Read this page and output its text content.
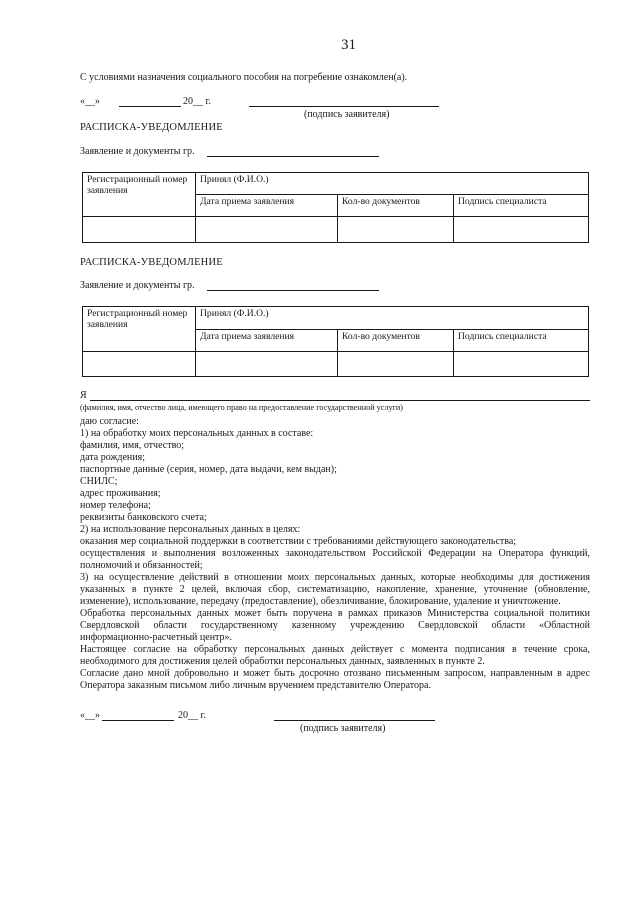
31
С условиями назначения социального пособия на погребение ознакомлен(а).
«__»	20__ г.
(подпись заявителя)
РАСПИСКА-УВЕДОМЛЕНИЕ
Заявление и документы гр.
Регистрационный номер заявления	Принял (Ф.И.О.)		
	Дата приема заявления	Кол-во документов	Подпись специалиста

РАСПИСКА-УВЕДОМЛЕНИЕ
Заявление и документы гр.
Регистрационный номер заявления	Принял (Ф.И.О.)		
	Дата приема заявления	Кол-во документов	Подпись специалиста

Я
(фамилия, имя, отчество лица, имеющего право на предоставление государственной услуги)
даю согласие:
1) на обработку моих персональных данных в составе:
фамилия, имя, отчество;
дата рождения;
паспортные данные (серия, номер, дата выдачи, кем выдан);
СНИЛС;
адрес проживания;
номер телефона;
реквизиты банковского счета;
2) на использование персональных данных в целях:
оказания мер социальной поддержки в соответствии с требованиями действующего законодательства;
осуществления и выполнения возложенных законодательством Российской Федерации на Оператора функций,
полномочий и обязанностей;
3) на осуществление действий в отношении моих персональных данных, которые необходимы для достижения
указанных в пункте 2 целей, включая сбор, систематизацию, накопление, хранение, уточнение (обновление,
изменение), использование, передачу (предоставление), обезличивание, блокирование, удаление и уничтожение.
Обработка персональных данных может быть поручена в рамках приказов Министерства социальной политики
Свердловской области государственному казенному учреждению Свердловской области «Областной
информационно-расчетный центр».
Настоящее согласие на обработку персональных данных действует с момента подписания в течение срока,
необходимого для достижения целей обработки персональных данных, заявленных в пункте 2.
Согласие дано мной добровольно и может быть досрочно отозвано письменным запросом, направленным в адрес
Оператора заказным письмом либо личным вручением представителю Оператора.
«__»	20__ г.
(подпись заявителя)
